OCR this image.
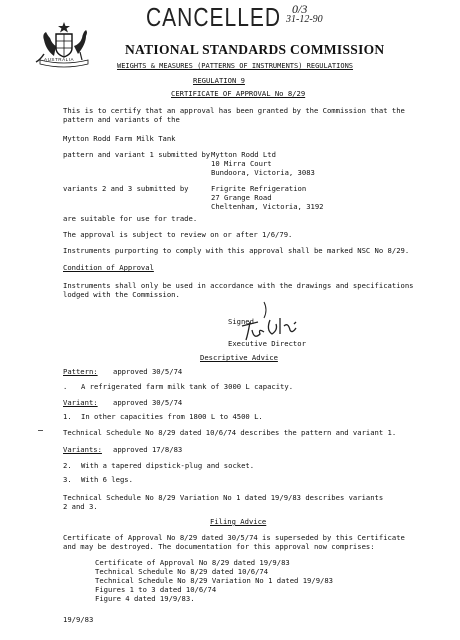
CANCELLED 0/3
31-12-90
AUSTRALIA
NATIONAL STANDARDS COMMISSION
WEIGHTS & MEASURES (PATTERNS OF INSTRUMENTS) REGULATIONS
REGULATION 9
CERTIFICATE OF APPROVAL No 8/29
This is to certify that an approval has been granted by the Commission that the
pattern and variants of the
Mytton Rodd Farm Milk Tank
pattern and variant 1 submitted by Mytton Rodd Ltd
10 Mirra Court
Bundoora, Victoria, 3083
variants 2 and 3 submitted by	Frigrite Refrigeration
27 Grange Road
Cheltenham, Victoria, 3192
are suitable for use for trade.
The approval is subject to review on or after 1/6/79.
Instruments purporting to comply with this approval shall be marked NSC No 8/29.
Condition of Approval
Instruments shall only be used in accordance with the drawings and specifications
lodged with the Commission.
Signed
Executive Director
Descriptive Advice
Pattern: approved 30/5/74
. A refrigerated farm milk tank of 3000 L capacity.
Variant: approved 30/5/74
1. In other capacities from 1800 L to 4500 L.
Technical Schedule No 8/29 dated 10/6/74 describes the pattern and variant 1.
Variants: approved 17/8/83
2. With a tapered dipstick-plug and socket.
3. With 6 legs.
Technical Schedule No 8/29 Variation No 1 dated 19/9/83 describes variants
2 and 3.
Filing Advice
Certificate of Approval No 8/29 dated 30/5/74 is superseded by this Certificate
and may be destroyed. The documentation for this approval now comprises:
Certificate of Approval No 8/29 dated 19/9/83
Technical Schedule No 8/29 dated 10/6/74
Technical Schedule No 8/29 Variation No 1 dated 19/9/83
Figures 1 to 3 dated 10/6/74
Figure 4 dated 19/9/83.
19/9/83
